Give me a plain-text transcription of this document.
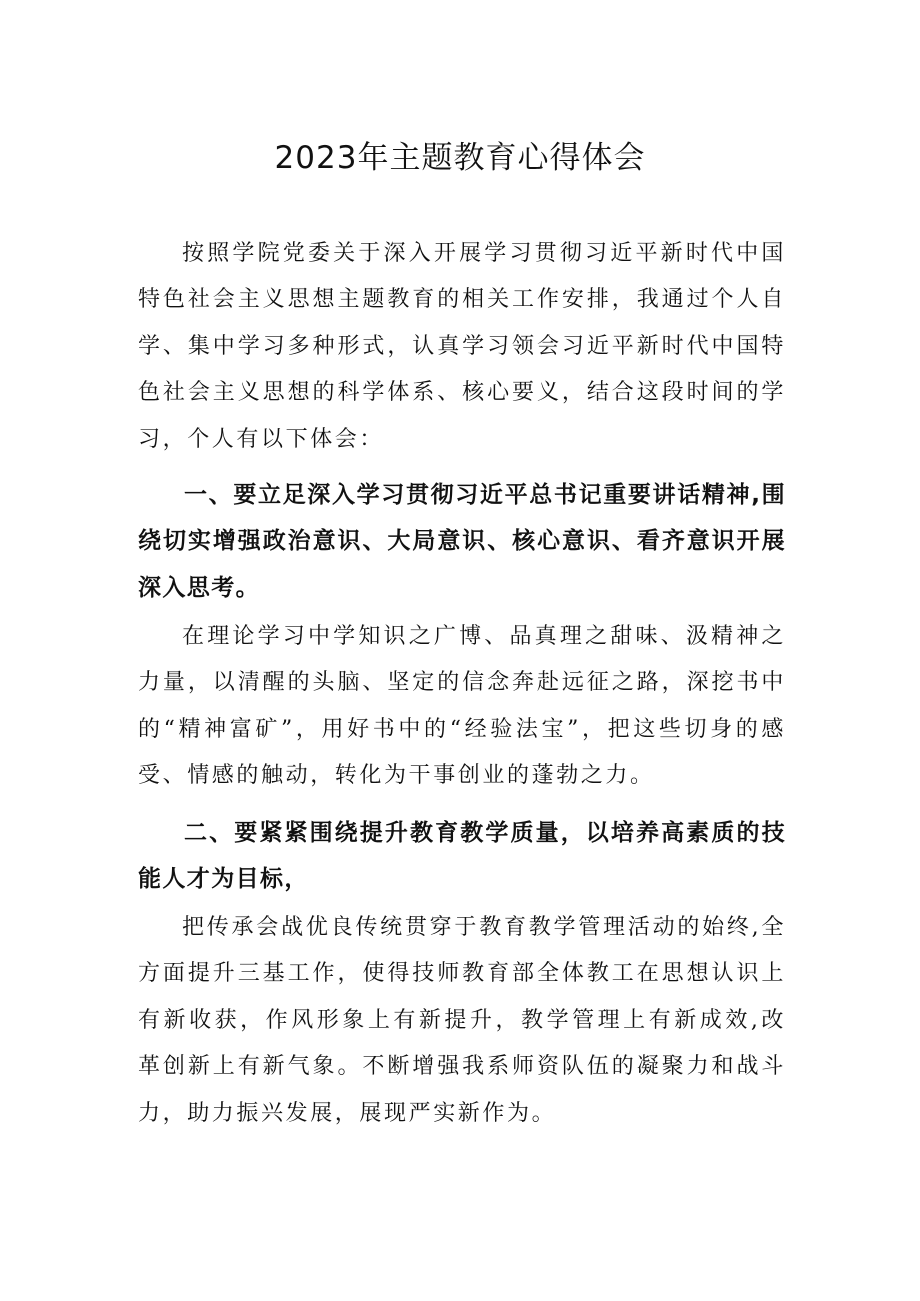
2023年主题教育心得体会

按照学院党委关于深入开展学习贯彻习近平新时代中国特色社会主义思想主题教育的相关工作安排，我通过个人自学、集中学习多种形式，认真学习领会习近平新时代中国特色社会主义思想的科学体系、核心要义，结合这段时间的学习，个人有以下体会：

一、要立足深入学习贯彻习近平总书记重要讲话精神,围绕切实增强政治意识、大局意识、核心意识、看齐意识开展深入思考。

在理论学习中学知识之广博、品真理之甜味、汲精神之力量，以清醒的头脑、坚定的信念奔赴远征之路，深挖书中的“精神富矿”，用好书中的“经验法宝”，把这些切身的感受、情感的触动，转化为干事创业的蓬勃之力。

二、要紧紧围绕提升教育教学质量，以培养高素质的技能人才为目标，

把传承会战优良传统贯穿于教育教学管理活动的始终,全方面提升三基工作，使得技师教育部全体教工在思想认识上有新收获，作风形象上有新提升，教学管理上有新成效,改革创新上有新气象。不断增强我系师资队伍的凝聚力和战斗力，助力振兴发展，展现严实新作为。
